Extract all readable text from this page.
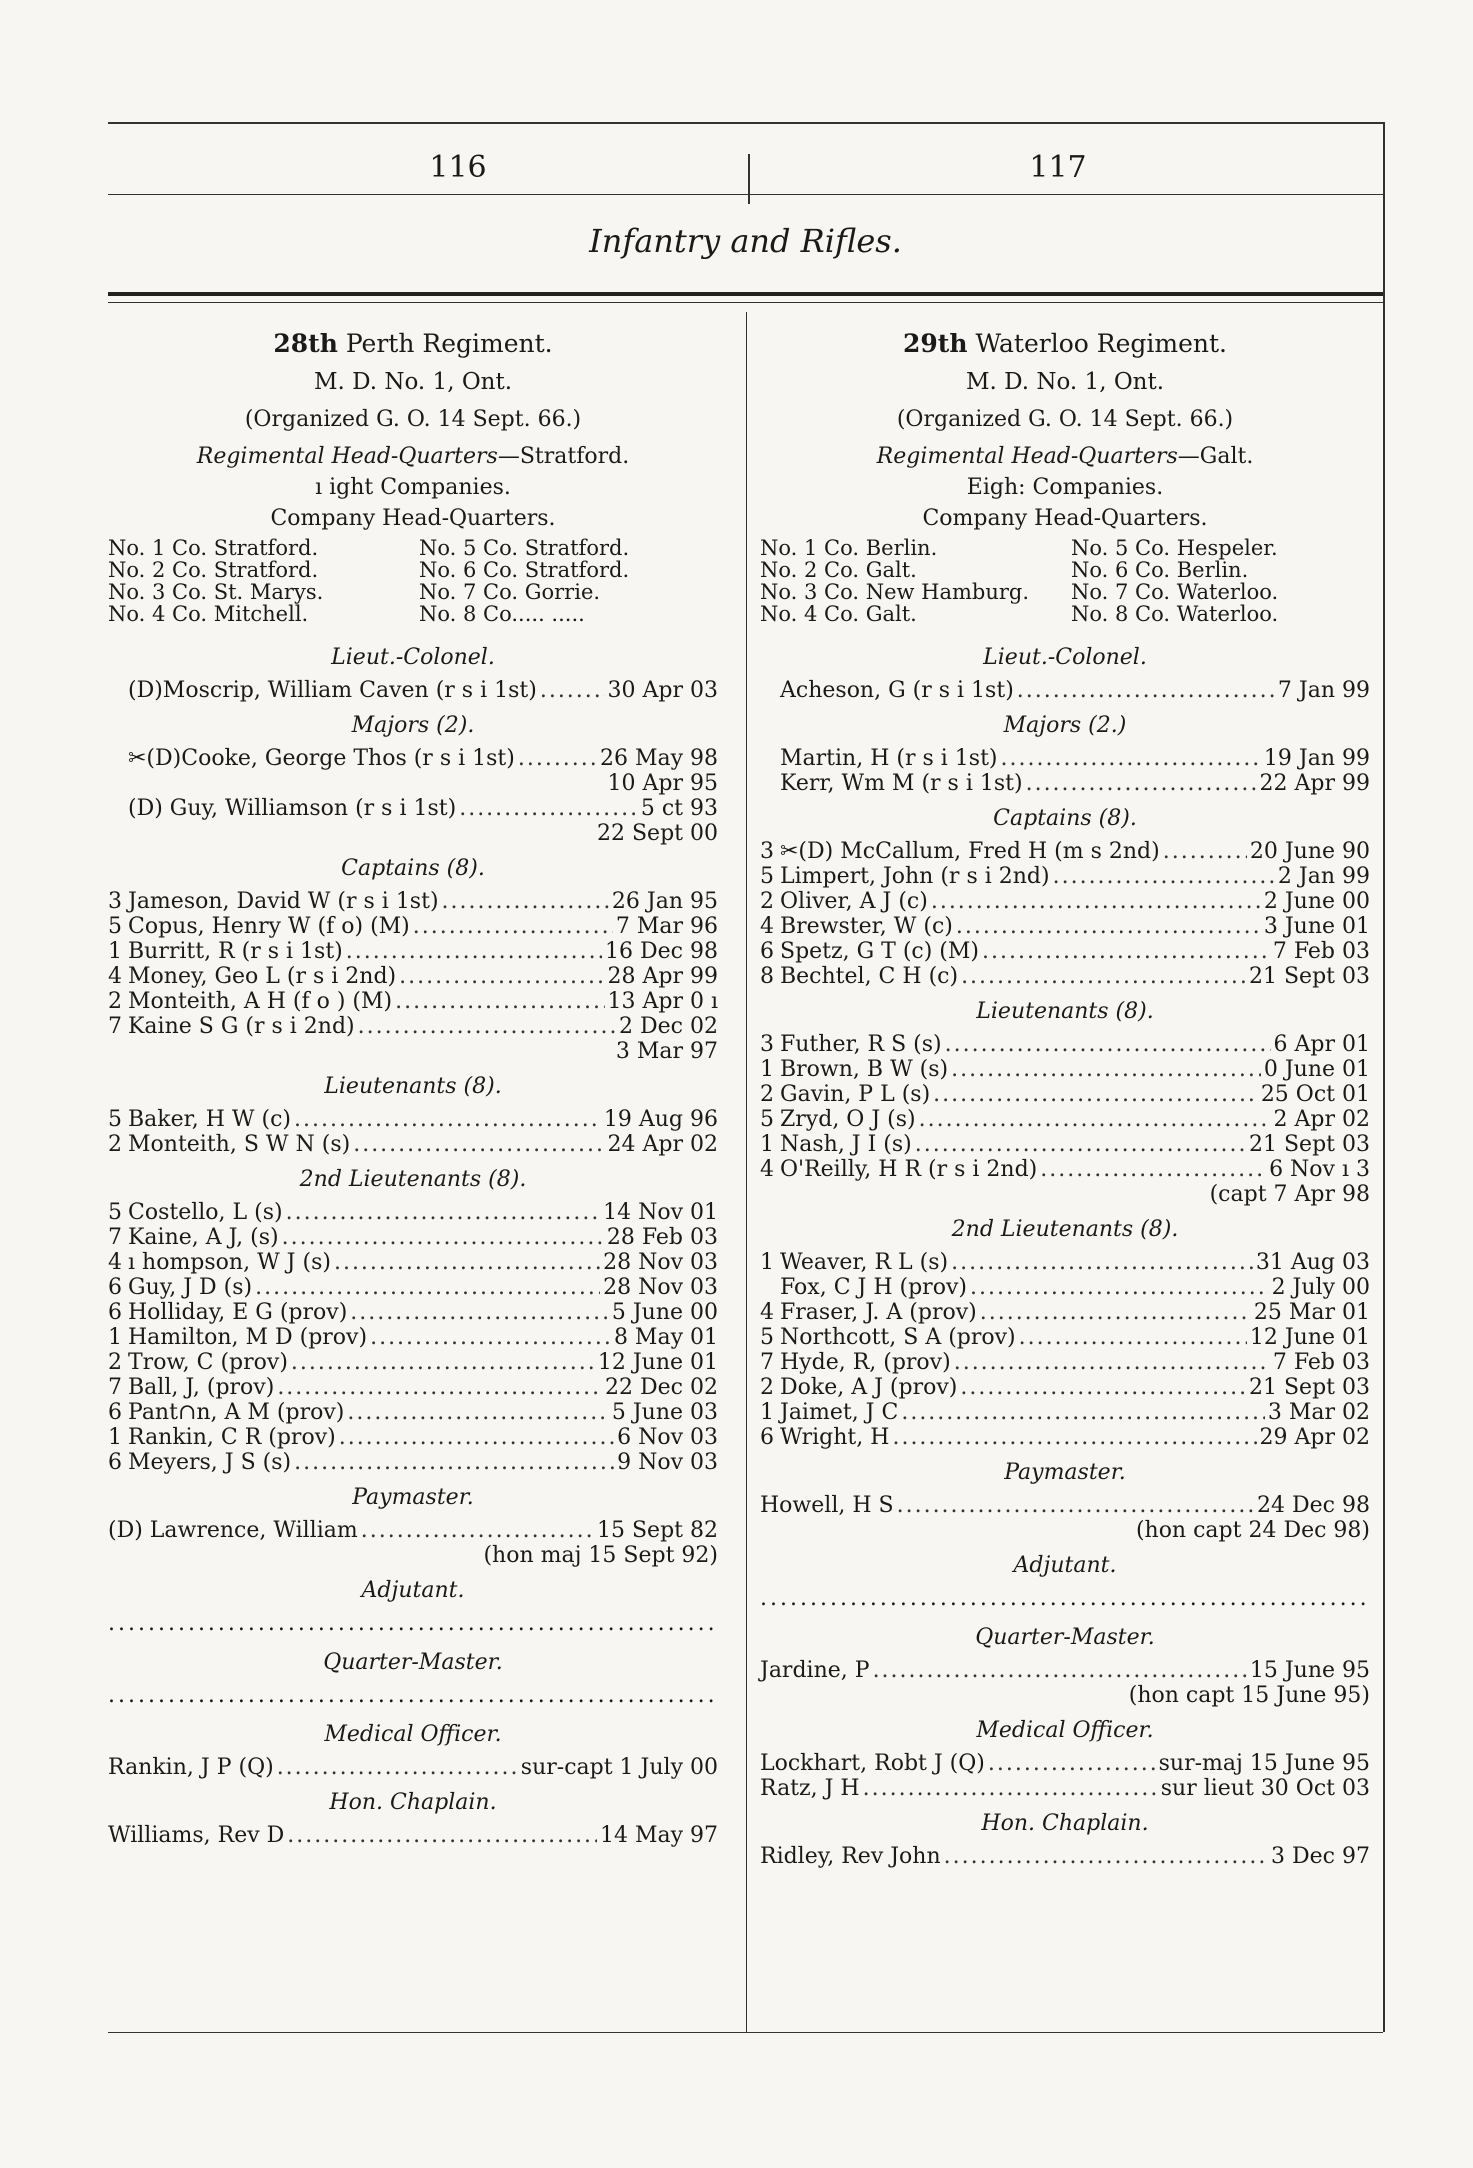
116	117
Infantry and Rifles.
28th Perth Regiment.
M. D. No. 1, Ont.
(Organized G. O. 14 Sept. 66.)
Regimental Head-Quarters—Stratford.
ı ight Companies.
Company Head-Quarters.
No. 1 Co. Stratford.	No. 5 Co. Stratford.
No. 2 Co. Stratford.	No. 6 Co. Stratford.
No. 3 Co. St. Marys.	No. 7 Co. Gorrie.
No. 4 Co. Mitchell.	No. 8 Co..... .....
Lieut.-Colonel.
(D)Moscrip, William Caven (r s i 1st) .....	30 Apr 03
Majors (2).
✂(D)Cooke, George Thos (r s i 1st) .....	26 May 98
10 Apr 95
(D) Guy, Williamson (r s i 1st) .....	5 ct 93
22 Sept 00
Captains (8).
3 Jameson, David W (r s i 1st) .....	26 Jan 95
5 Copus, Henry W (f o) (M) .....	7 Mar 96
1 Burritt, R (r s i 1st) .....	16 Dec 98
4 Money, Geo L (r s i 2nd) .....	28 Apr 99
2 Monteith, A H (f o ) (M) .....	13 Apr 0 ı
7 Kaine S G (r s i 2nd) .....	2 Dec 02
3 Mar 97
Lieutenants (8).
5 Baker, H W (c) .....	19 Aug 96
2 Monteith, S W N (s) .....	24 Apr 02
2nd Lieutenants (8).
5 Costello, L (s) .....	14 Nov 01
7 Kaine, A J, (s) .....	28 Feb 03
4 ı hompson, W J (s) .....	28 Nov 03
6 Guy, J D (s) .....	28 Nov 03
6 Holliday, E G (prov) .....	5 June 00
1 Hamilton, M D (prov) .....	8 May 01
2 Trow, C (prov) .....	12 June 01
7 Ball, J, (prov) .....	22 Dec 02
6 Pant∩n, A M (prov) .....	5 June 03
1 Rankin, C R (prov) .....	6 Nov 03
6 Meyers, J S (s) .....	9 Nov 03
Paymaster.
(D) Lawrence, William .....	15 Sept 82
(hon maj 15 Sept 92)
Adjutant.
.....
Quarter-Master.
.....
Medical Officer.
Rankin, J P (Q) .....	sur-capt 1 July 00
Hon. Chaplain.
Williams, Rev D .....	14 May 97
29th Waterloo Regiment.
M. D. No. 1, Ont.
(Organized G. O. 14 Sept. 66.)
Regimental Head-Quarters—Galt.
Eigh: Companies.
Company Head-Quarters.
No. 1 Co. Berlin.	No. 5 Co. Hespeler.
No. 2 Co. Galt.	No. 6 Co. Berlin.
No. 3 Co. New Hamburg.	No. 7 Co. Waterloo.
No. 4 Co. Galt.	No. 8 Co. Waterloo.
Lieut.-Colonel.
Acheson, G (r s i 1st) .....	7 Jan 99
Majors (2.)
Martin, H (r s i 1st) .....	19 Jan 99
Kerr, Wm M (r s i 1st) .....	22 Apr 99
Captains (8).
3 ✂(D) McCallum, Fred H (m s 2nd) .....	20 June 90
5 Limpert, John (r s i 2nd) .....	2 Jan 99
2 Oliver, A J (c) .....	2 June 00
4 Brewster, W (c) .....	3 June 01
6 Spetz, G T (c) (M) .....	7 Feb 03
8 Bechtel, C H (c) .....	21 Sept 03
Lieutenants (8).
3 Futher, R S (s) .....	6 Apr 01
1 Brown, B W (s) .....	0 June 01
2 Gavin, P L (s) .....	25 Oct 01
5 Zryd, O J (s) .....	2 Apr 02
1 Nash, J I (s) .....	21 Sept 03
4 O'Reilly, H R (r s i 2nd) .....	6 Nov ı 3
(capt 7 Apr 98
2nd Lieutenants (8).
1 Weaver, R L (s) .....	31 Aug 03
Fox, C J H (prov) .....	2 July 00
4 Fraser, J. A (prov) .....	25 Mar 01
5 Northcott, S A (prov) .....	12 June 01
7 Hyde, R, (prov) .....	7 Feb 03
2 Doke, A J (prov) .....	21 Sept 03
1 Jaimet, J C .....	3 Mar 02
6 Wright, H .....	29 Apr 02
Paymaster.
Howell, H S .....	24 Dec 98
(hon capt 24 Dec 98)
Adjutant.
.....
Quarter-Master.
Jardine, P .....	15 June 95
(hon capt 15 June 95)
Medical Officer.
Lockhart, Robt J (Q) .....	sur-maj 15 June 95
Ratz, J H .....	sur lieut 30 Oct 03
Hon. Chaplain.
Ridley, Rev John .....	3 Dec 97
